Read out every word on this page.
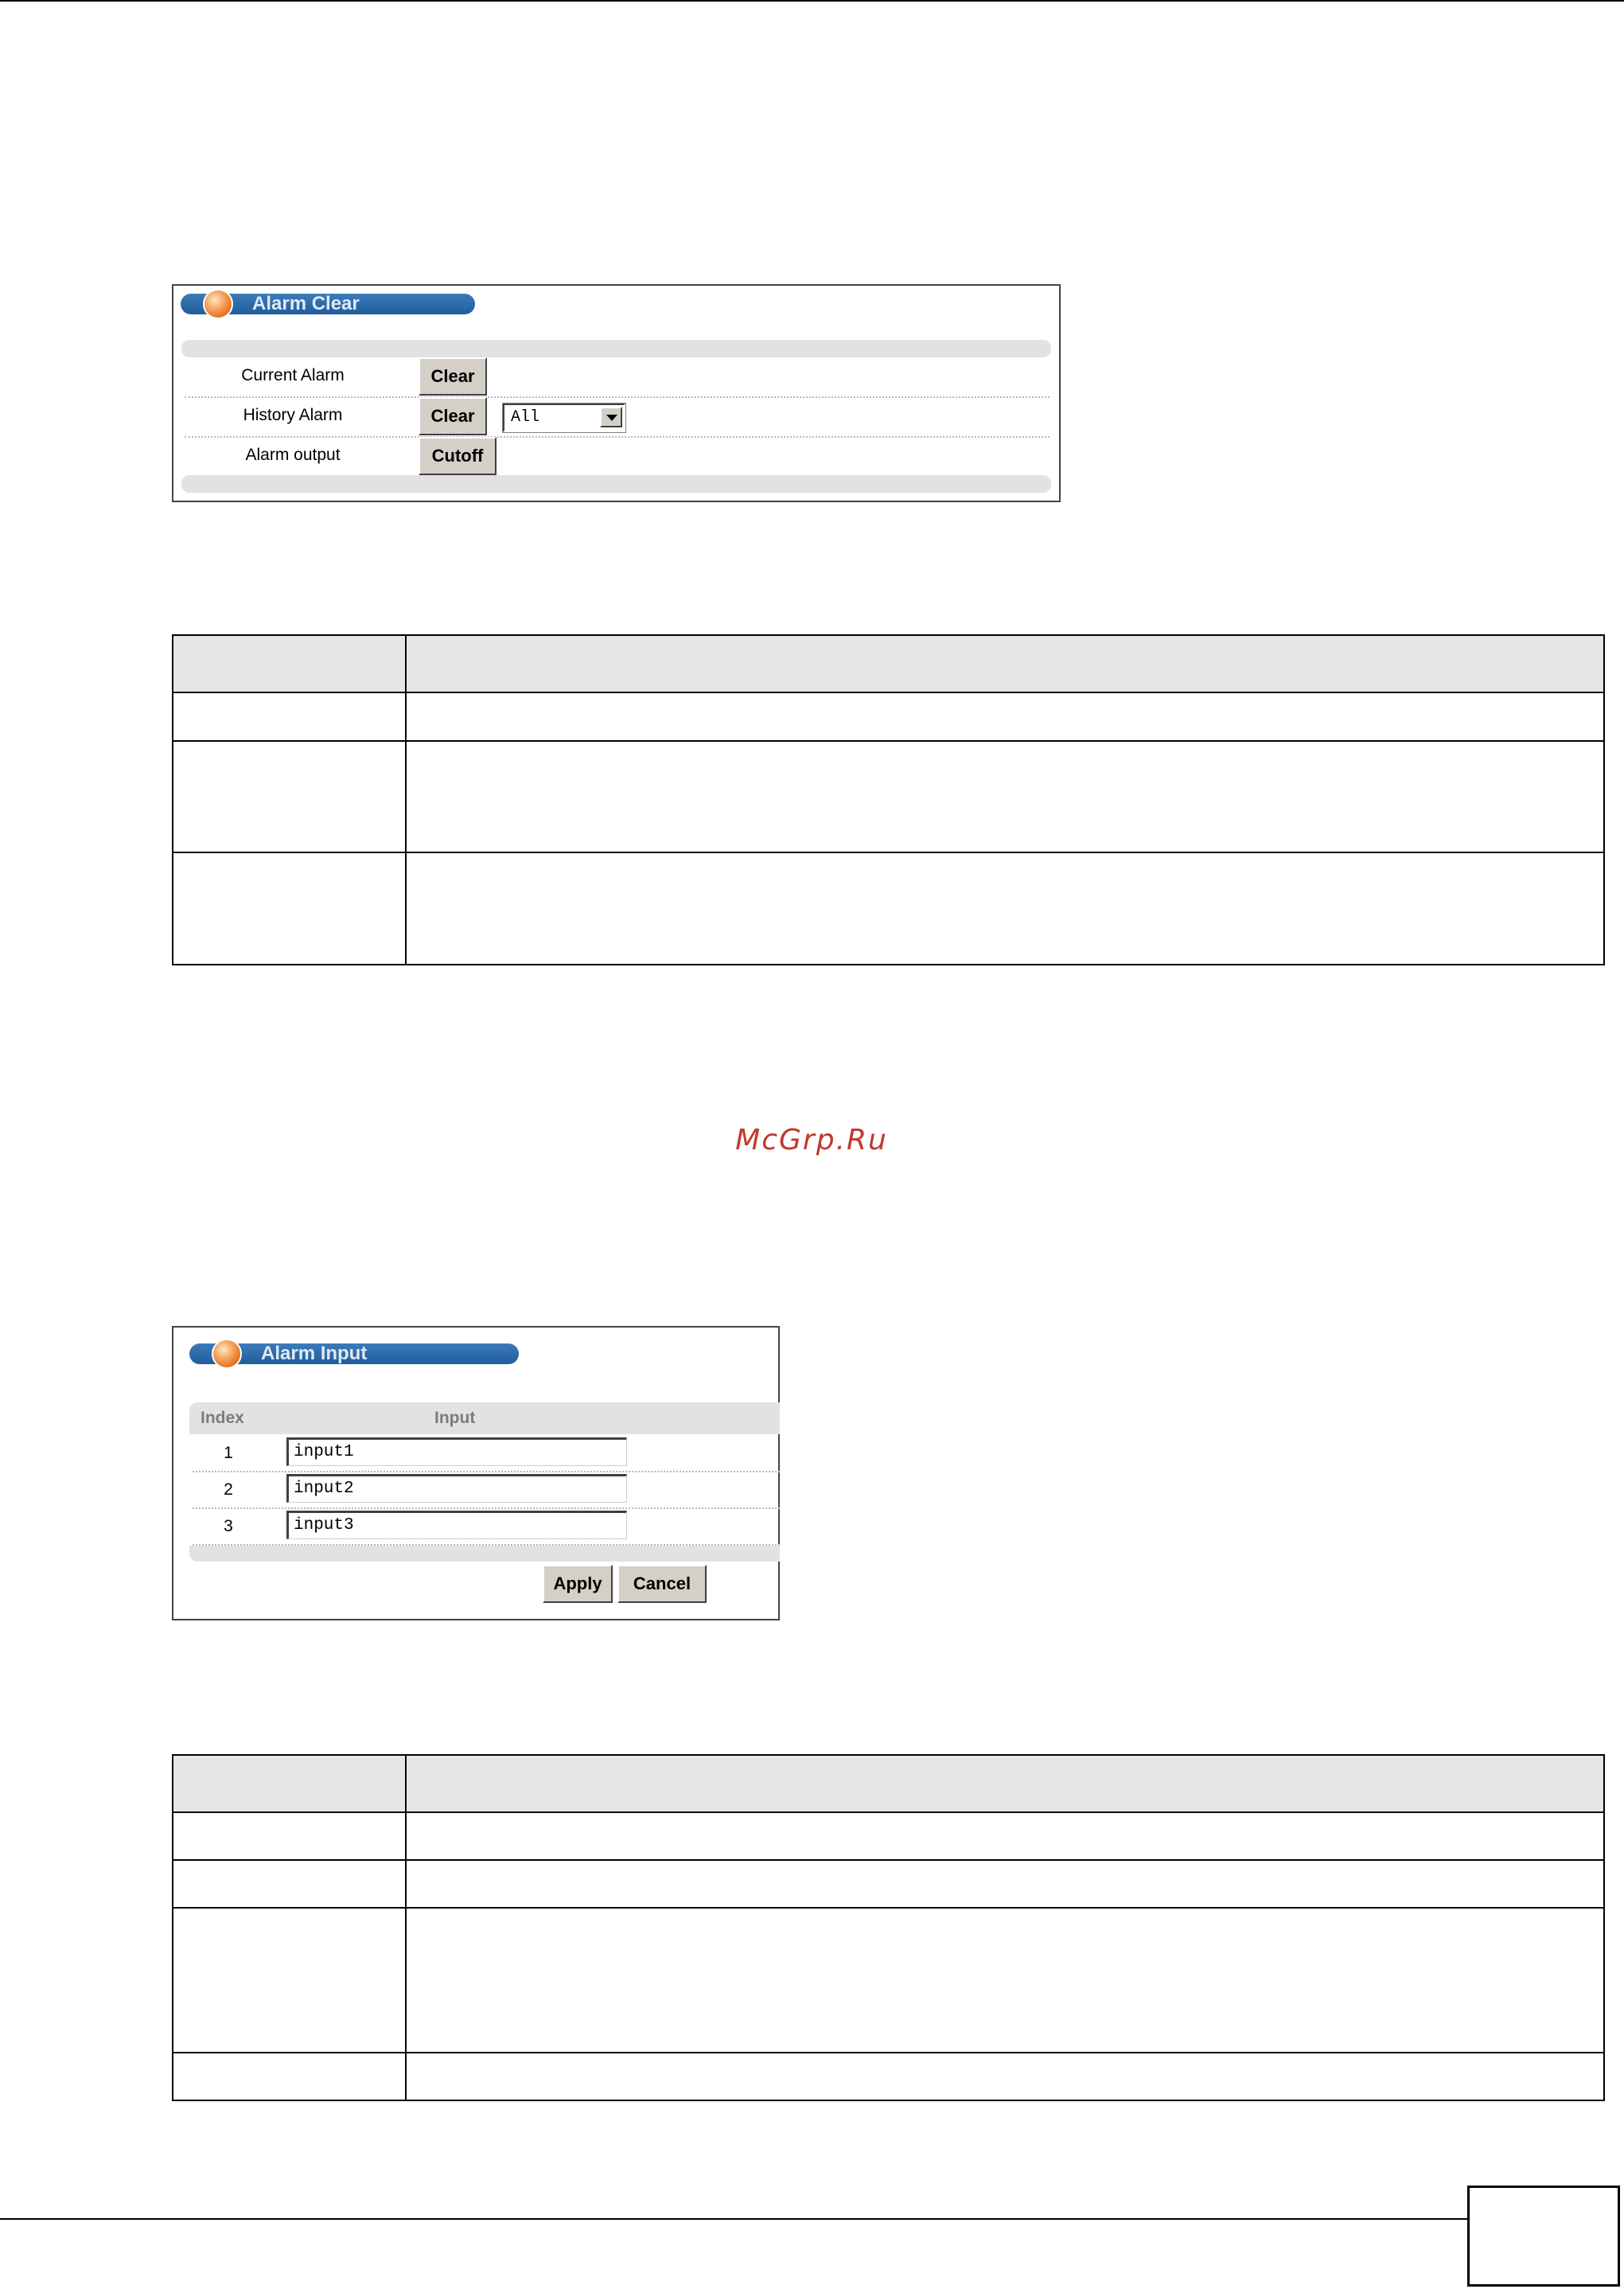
Alarm Clear
Current Alarm	Clear
History Alarm	Clear	All
Alarm output	Cutoff

McGrp.Ru
Alarm Input
Index	Input
1	input1
2	input2
3	input3
Apply	Cancel
